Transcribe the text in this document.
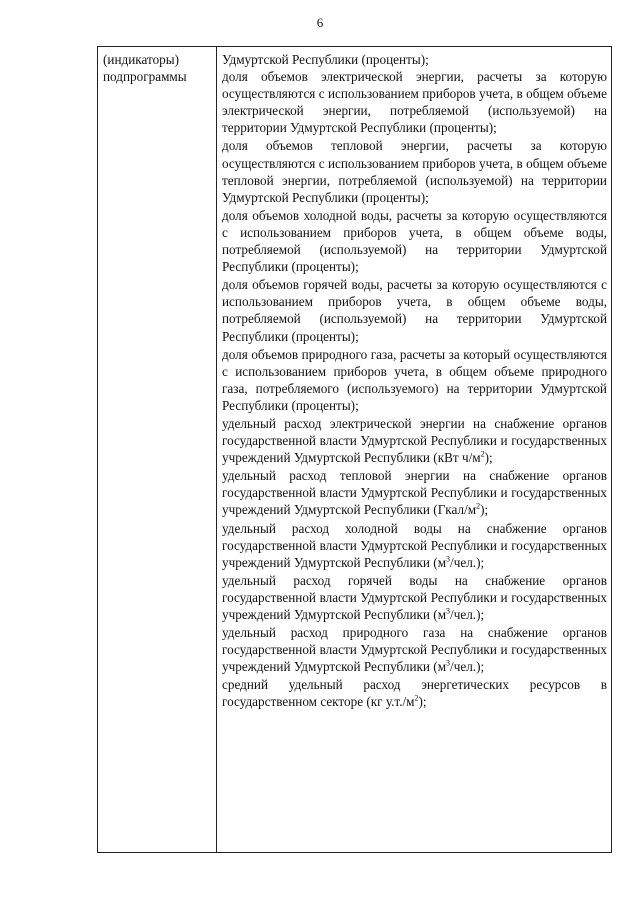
6
(индикаторы)
подпрограммы
Удмуртской Республики (проценты);
доля объемов электрической энергии, расчеты за которую осуществляются с использованием приборов учета, в общем объеме электрической энергии, потребляемой (используемой) на территории Удмуртской Республики (проценты);
доля объемов тепловой энергии, расчеты за которую осуществляются с использованием приборов учета, в общем объеме тепловой энергии, потребляемой (используемой) на территории Удмуртской Республики (проценты);
доля объемов холодной воды, расчеты за которую осуществляются с использованием приборов учета, в общем объеме воды, потребляемой (используемой) на территории Удмуртской Республики (проценты);
доля объемов горячей воды, расчеты за которую осуществляются с использованием приборов учета, в общем объеме воды, потребляемой (используемой) на территории Удмуртской Республики (проценты);
доля объемов природного газа, расчеты за который осуществляются с использованием приборов учета, в общем объеме природного газа, потребляемого (используемого) на территории Удмуртской Республики (проценты);
удельный расход электрической энергии на снабжение органов государственной власти Удмуртской Республики и государственных учреждений Удмуртской Республики (кВт $ч/м^2$);
удельный расход тепловой энергии на снабжение органов государственной власти Удмуртской Республики и государственных учреждений Удмуртской Республики $(Гкал/м^2)$;
удельный расход холодной воды на снабжение органов государственной власти Удмуртской Республики и государственных учреждений Удмуртской Республики $(м^3/чел.)$;
удельный расход горячей воды на снабжение органов государственной власти Удмуртской Республики и государственных учреждений Удмуртской Республики $(м^3/чел.)$;
удельный расход природного газа на снабжение органов государственной власти Удмуртской Республики и государственных учреждений Удмуртской Республики $(м^3/чел.)$;
средний удельный расход энергетических ресурсов в государственном секторе (кг $у.т./м^2$);
